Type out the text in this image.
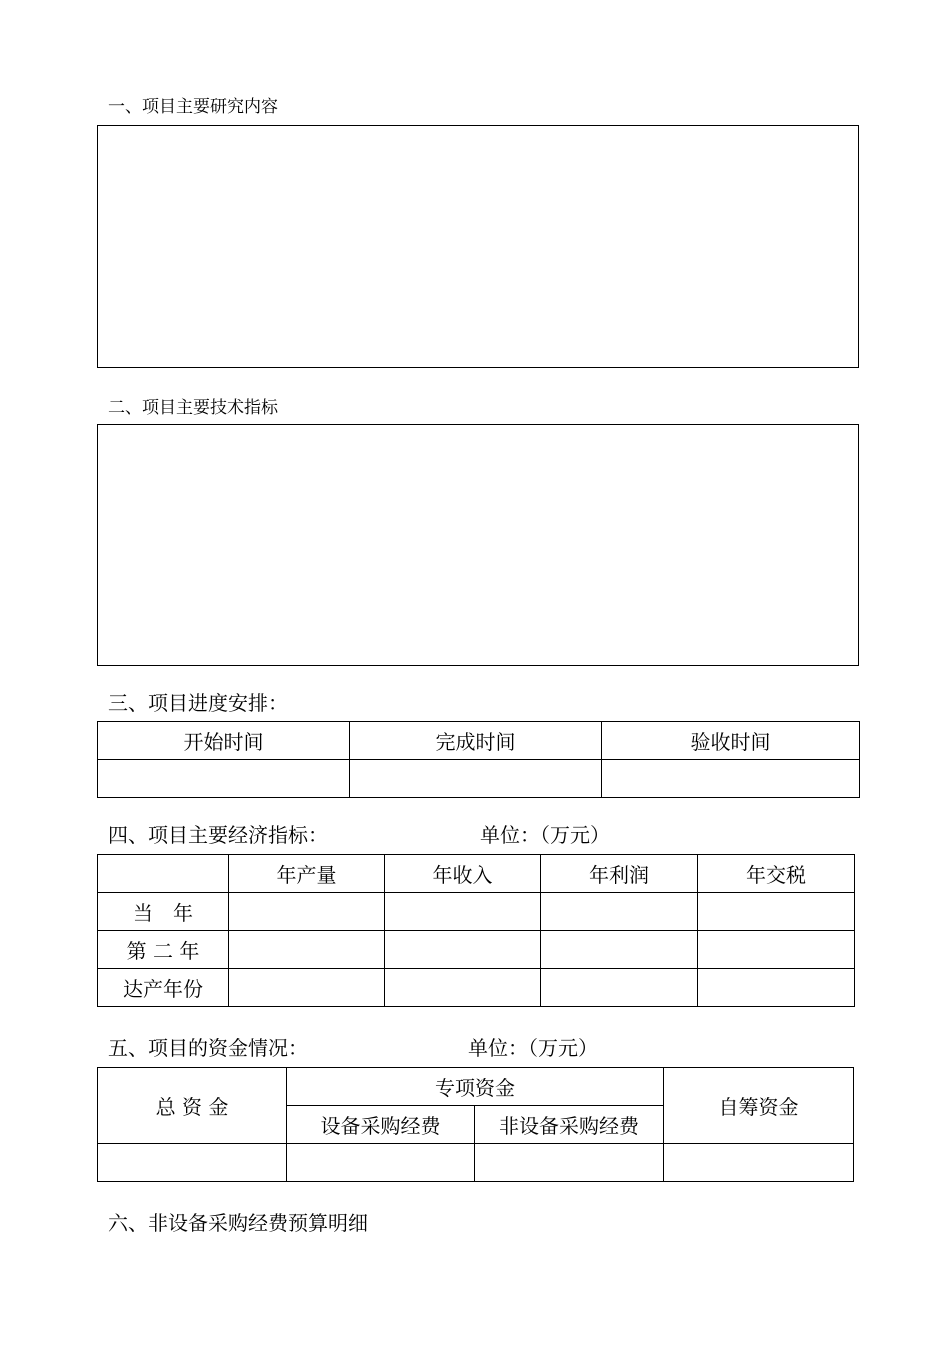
一、项目主要研究内容
二、项目主要技术指标
三、项目进度安排：
开始时间	完成时间	验收时间

四、项目主要经济指标：	单位：（万元）
	年产量	年收入	年利润	年交税
当　年				
第 二 年				
达产年份				
五、项目的资金情况：	单位：（万元）
总 资 金	专项资金		自筹资金
	设备采购经费	非设备采购经费	

六、非设备采购经费预算明细
